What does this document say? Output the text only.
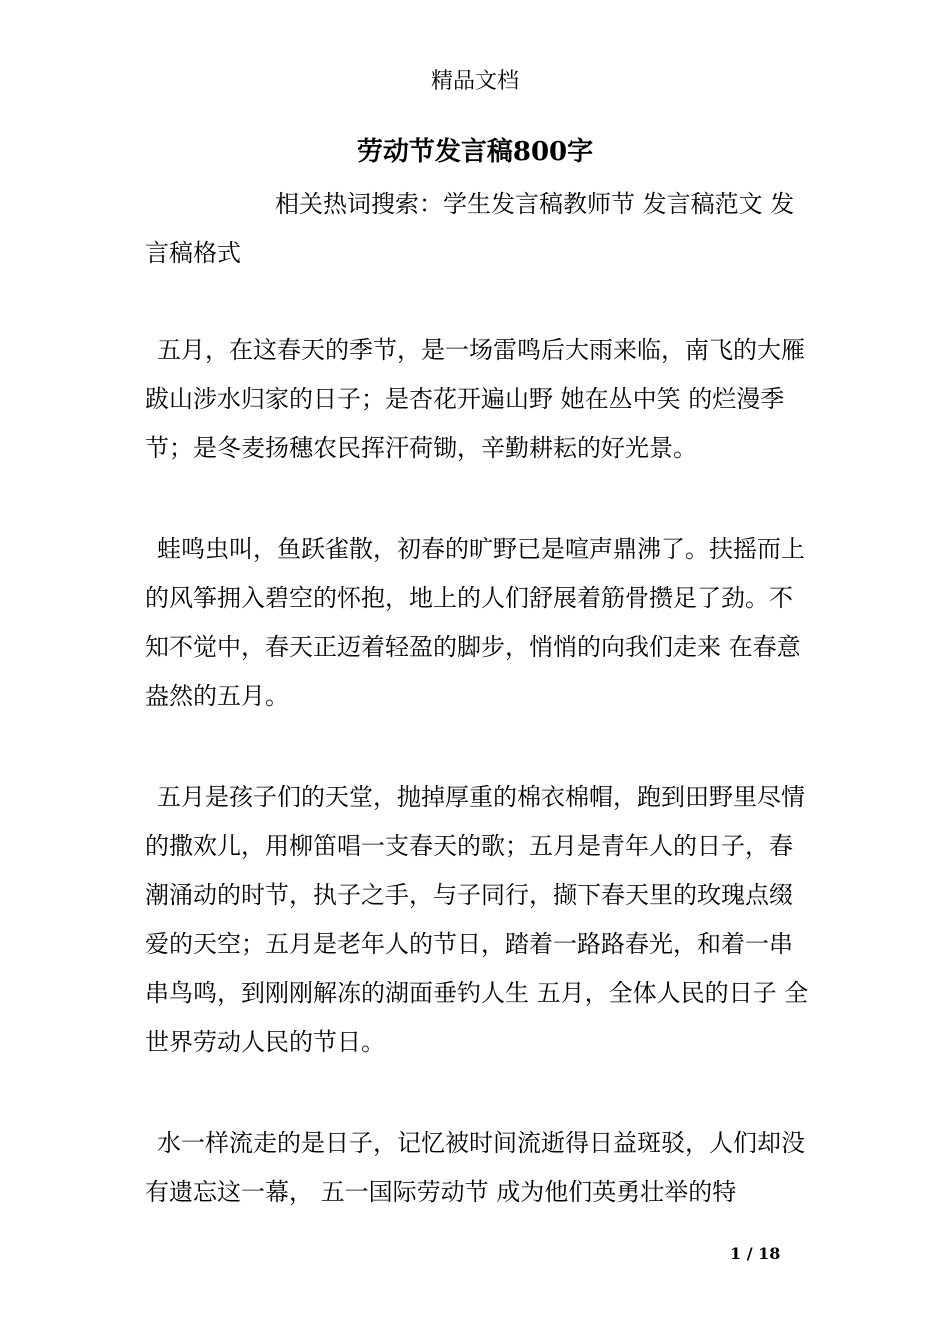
精品文档
劳动节发言稿800字
相关热词搜索：学生发言稿教师节 发言稿范文 发言稿格式

五月，在这春天的季节，是一场雷鸣后大雨来临，南飞的大雁跋山涉水归家的日子；是杏花开遍山野 她在丛中笑 的烂漫季节；是冬麦扬穗农民挥汗荷锄，辛勤耕耘的好光景。

蛙鸣虫叫，鱼跃雀散，初春的旷野已是喧声鼎沸了。扶摇而上的风筝拥入碧空的怀抱，地上的人们舒展着筋骨攒足了劲。不知不觉中，春天正迈着轻盈的脚步，悄悄的向我们走来 在春意盎然的五月。

五月是孩子们的天堂，抛掉厚重的棉衣棉帽，跑到田野里尽情的撒欢儿，用柳笛唱一支春天的歌；五月是青年人的日子，春潮涌动的时节，执子之手，与子同行，撷下春天里的玫瑰点缀爱的天空；五月是老年人的节日，踏着一路路春光，和着一串串鸟鸣，到刚刚解冻的湖面垂钓人生 五月，全体人民的日子 全世界劳动人民的节日。

水一样流走的是日子，记忆被时间流逝得日益斑驳，人们却没有遗忘这一幕， 五一国际劳动节 成为他们英勇壮举的特

1 / 18
